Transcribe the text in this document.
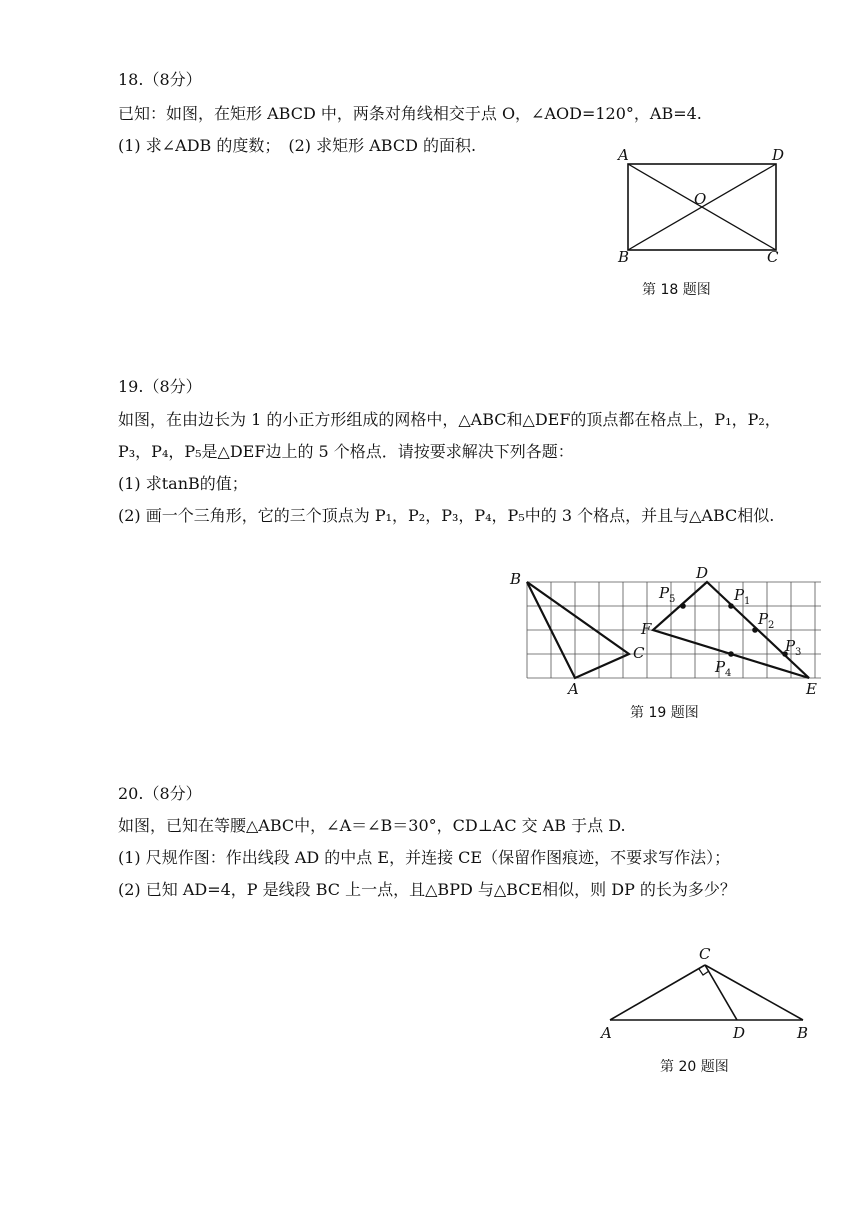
18.（8分）
已知：如图，在矩形 ABCD 中，两条对角线相交于点 O，∠AOD=120°，AB=4.
(1) 求∠ADB 的度数；　(2) 求矩形 ABCD 的面积.	A	D
O
B	C
第 18 题图
19.（8分）
如图，在由边长为 1 的小正方形组成的网格中，△ABC和△DEF的顶点都在格点上，P₁，P₂，
P₃，P₄，P₅是△DEF边上的 5 个格点．请按要求解决下列各题：
(1) 求tanB的值；
(2) 画一个三角形，它的三个顶点为 P₁，P₂，P₃，P₄，P₅中的 3 个格点，并且与△ABC相似.
B
A
C
D
E
F
P 1
P 2
P 3
P 4
P 5
第 19 题图
20.（8分）
如图，已知在等腰△ABC中，∠A＝∠B＝30°，CD⊥AC 交 AB 于点 D.
(1) 尺规作图：作出线段 AD 的中点 E，并连接 CE（保留作图痕迹，不要求写作法）；
(2) 已知 AD=4，P 是线段 BC 上一点，且△BPD 与△BCE相似，则 DP 的长为多少？
C
A	D	B
第 20 题图
